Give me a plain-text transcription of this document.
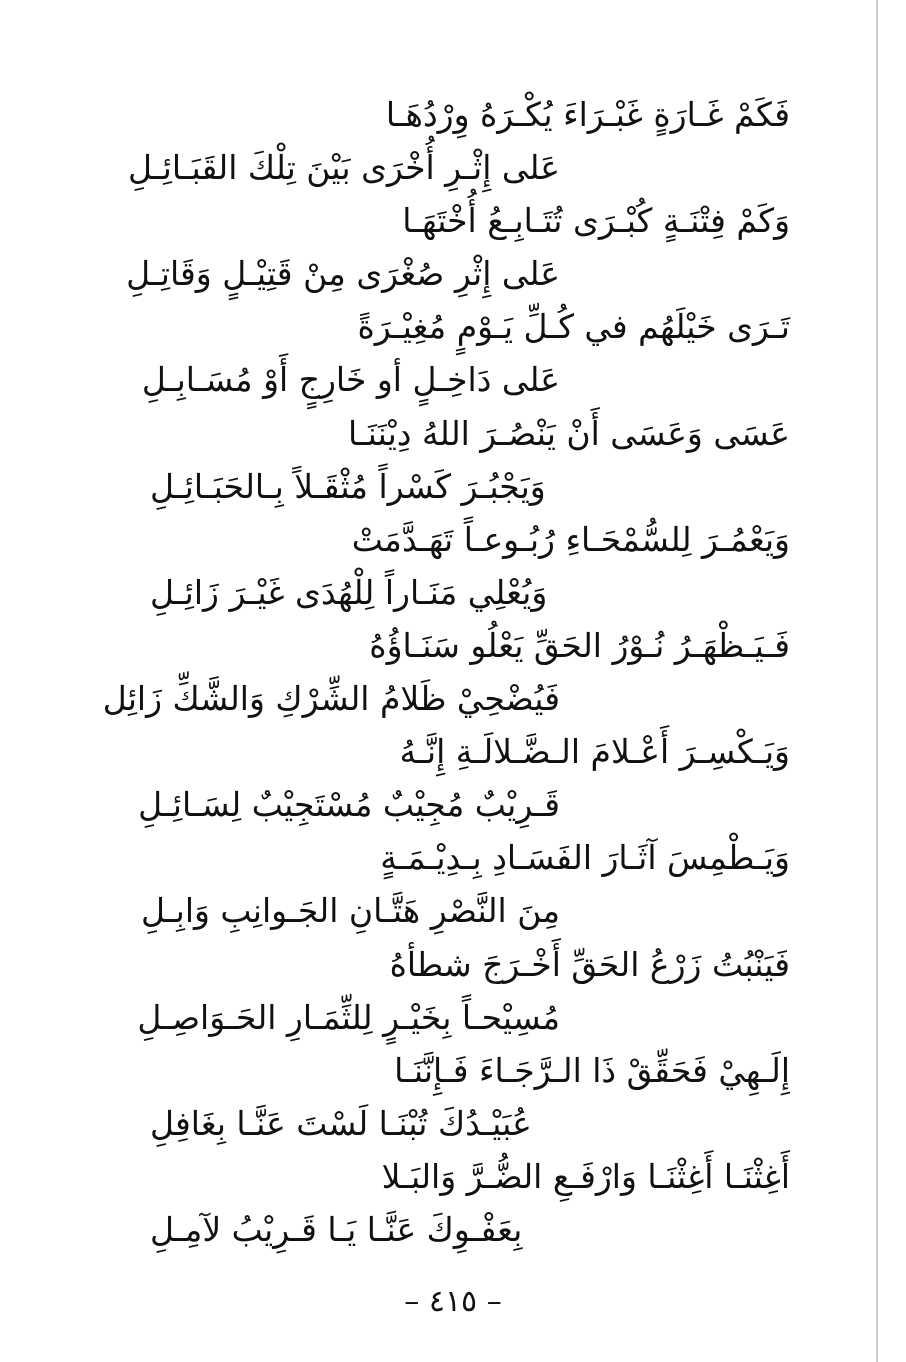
فَكَمْ غَـارَةٍ غَبْـرَاءَ يُكْـرَهُ وِرْدُهَـا
عَلى إِثْـرِ أُخْرَى بَيْنَ تِلْكَ القَبَـائِـلِ
وَكَمْ فِتْنَـةٍ كُبْـرَى تُتَـابِـعُ أُخْتَهَـا
عَلى إِثْرِ صُغْرَى مِنْ قَتِيْـلٍ وَقَاتِـلِ
تَـرَى خَيْلَهُم في كُـلِّ يَـوْمٍ مُغِيْـرَةً
عَلى دَاخِـلٍ أو خَارِجٍ أَوْ مُسَـابِـلِ
عَسَى وَعَسَى أَنْ يَنْصُـرَ اللهُ دِيْنَنَـا
وَيَجْبُـرَ كَسْراً مُثْقَـلاً بِـالحَبَـائِـلِ
وَيَعْمُـرَ لِلسُّمْحَـاءِ رُبُـوعـاً تَهَـدَّمَتْ
وَيُعْلِي مَنَـاراً لِلْهُدَى غَيْـرَ زَائِـلِ
فَـيَـظْهَـرُ نُـوْرُ الحَقِّ يَعْلُو سَنَـاؤُهُ
فَيُضْحِيْ ظَلامُ الشِّرْكِ وَالشَّكِّ زَائِل
وَيَـكْسِـرَ أَعْـلامَ الـضَّـلالَـةِ إِنَّـهُ
قَـرِيْبٌ مُجِيْبٌ مُسْتَجِيْبٌ لِسَـائِـلِ
وَيَـطْمِسَ آثَـارَ الفَسَـادِ بِـدِيْـمَـةٍ
مِنَ النَّصْرِ هَتَّـانِ الجَـوانِبِ وَابِـلِ
فَيَنْبُتُ زَرْعُ الحَقِّ أَخْـرَجَ شطأهُ
مُسِيْحـاً بِخَيْـرٍ لِلثِّمَـارِ الحَـوَاصِـلِ
إِلَـهِيْ فَحَقِّقْ ذَا الـرَّجَـاءَ فَـإِنَّنَـا
عُبَيْـدُكَ تُبْنَـا لَسْتَ عَنَّـا بِغَافِلِ
أَغِثْنَـا أَغِثْنَـا وَارْفَـعِ الضُّـرَّ وَالبَـلا
بِعَفْـوِكَ عَنَّـا يَـا قَـرِيْبُ لآمِـلِ
– ٤١٥ –
